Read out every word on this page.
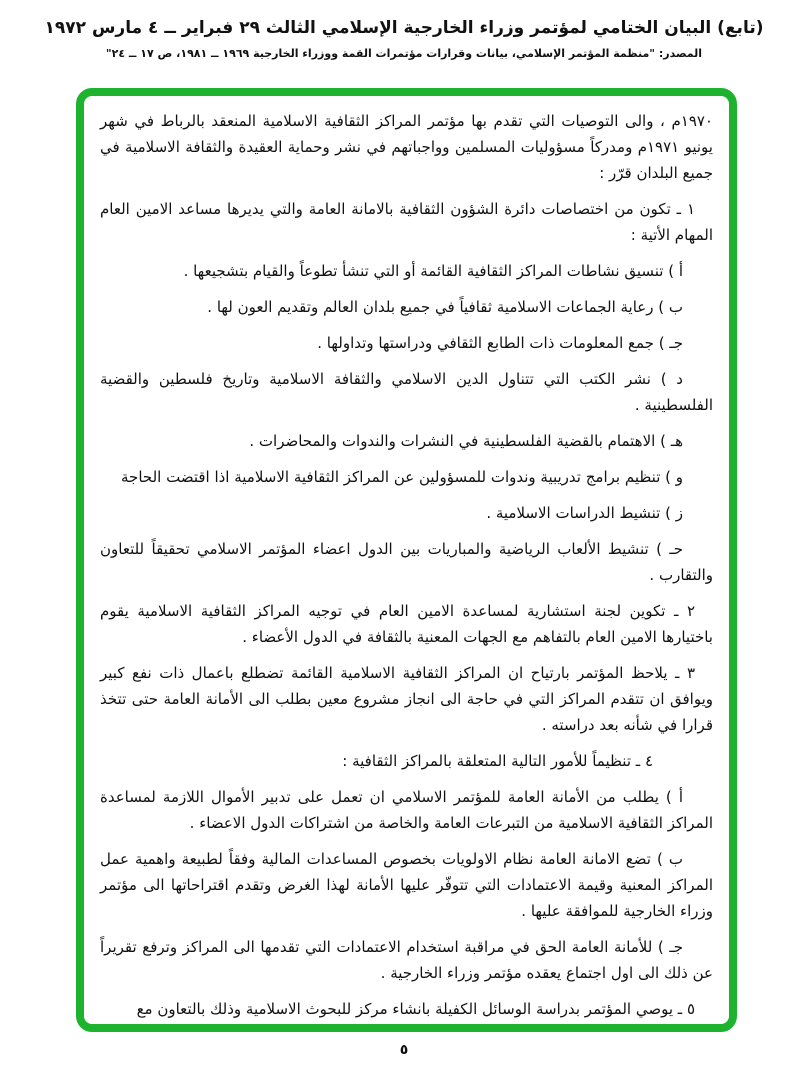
(تابع) البيان الختامي لمؤتمر وزراء الخارجية الإسلامي الثالث ٢٩ فبراير ــ ٤ مارس ١٩٧٢
المصدر: "منظمة المؤتمر الإسلامي، بيانات وقرارات مؤتمرات القمة ووزراء الخارجية ١٩٦٩ ــ ١٩٨١، ص ١٧ ــ ٢٤"

١٩٧٠م ، والى التوصيات التي تقدم بها مؤتمر المراكز الثقافية الاسلامية المنعقد بالرباط في شهر يونيو ١٩٧١م ومدركاً مسؤوليات المسلمين وواجباتهم في نشر وحماية العقيدة والثقافة الاسلامية في جميع البلدان قرّر :

١ ـ تكون من اختصاصات دائرة الشؤون الثقافية بالامانة العامة والتي يديرها مساعد الامين العام المهام الأتية :

أ ) تنسيق نشاطات المراكز الثقافية القائمة أو التي تنشأ تطوعاً والقيام بتشجيعها .

ب ) رعاية الجماعات الاسلامية ثقافياً في جميع بلدان العالم وتقديم العون لها .

جـ ) جمع المعلومات ذات الطابع الثقافي ودراستها وتداولها .

د ) نشر الكتب التي تتناول الدين الاسلامي والثقافة الاسلامية وتاريخ فلسطين والقضية الفلسطينية .

هـ ) الاهتمام بالقضية الفلسطينية في النشرات والندوات والمحاضرات .

و ) تنظيم برامج تدريبية وندوات للمسؤولين عن المراكز الثقافية الاسلامية اذا اقتضت الحاجة

ز ) تنشيط الدراسات الاسلامية .

حـ ) تنشيط الألعاب الرياضية والمباريات بين الدول اعضاء المؤتمر الاسلامي تحقيقاً للتعاون والتقارب .

٢ ـ تكوين لجنة استشارية لمساعدة الامين العام في توجيه المراكز الثقافية الاسلامية يقوم باختيارها الامين العام بالتفاهم مع الجهات المعنية بالثقافة في الدول الأعضاء .

٣ ـ يلاحظ المؤتمر بارتياح ان المراكز الثقافية الاسلامية القائمة تضطلع باعمال ذات نفع كبير ويوافق ان تتقدم المراكز التي في حاجة الى انجاز مشروع معين بطلب الى الأمانة العامة حتى تتخذ قرارا في شأنه بعد دراسته .

٤ ـ تنظيماً للأمور التالية المتعلقة بالمراكز الثقافية :

أ ) يطلب من الأمانة العامة للمؤتمر الاسلامي ان تعمل على تدبير الأموال اللازمة لمساعدة المراكز الثقافية الاسلامية من التبرعات العامة والخاصة من اشتراكات الدول الاعضاء .

ب ) تضع الامانة العامة نظام الاولويات بخصوص المساعدات المالية وفقاً لطبيعة واهمية عمل المراكز المعنية وقيمة الاعتمادات التي تتوفّر عليها الأمانة لهذا الغرض وتقدم اقتراحاتها الى مؤتمر وزراء الخارجية للموافقة عليها .

جـ ) للأمانة العامة الحق في مراقبة استخدام الاعتمادات التي تقدمها الى المراكز وترفع تقريراً عن ذلك الى اول اجتماع يعقده مؤتمر وزراء الخارجية .

٥ ـ يوصي المؤتمر بدراسة الوسائل الكفيلة بانشاء مركز للبحوث الاسلامية وذلك بالتعاون مع

٥
